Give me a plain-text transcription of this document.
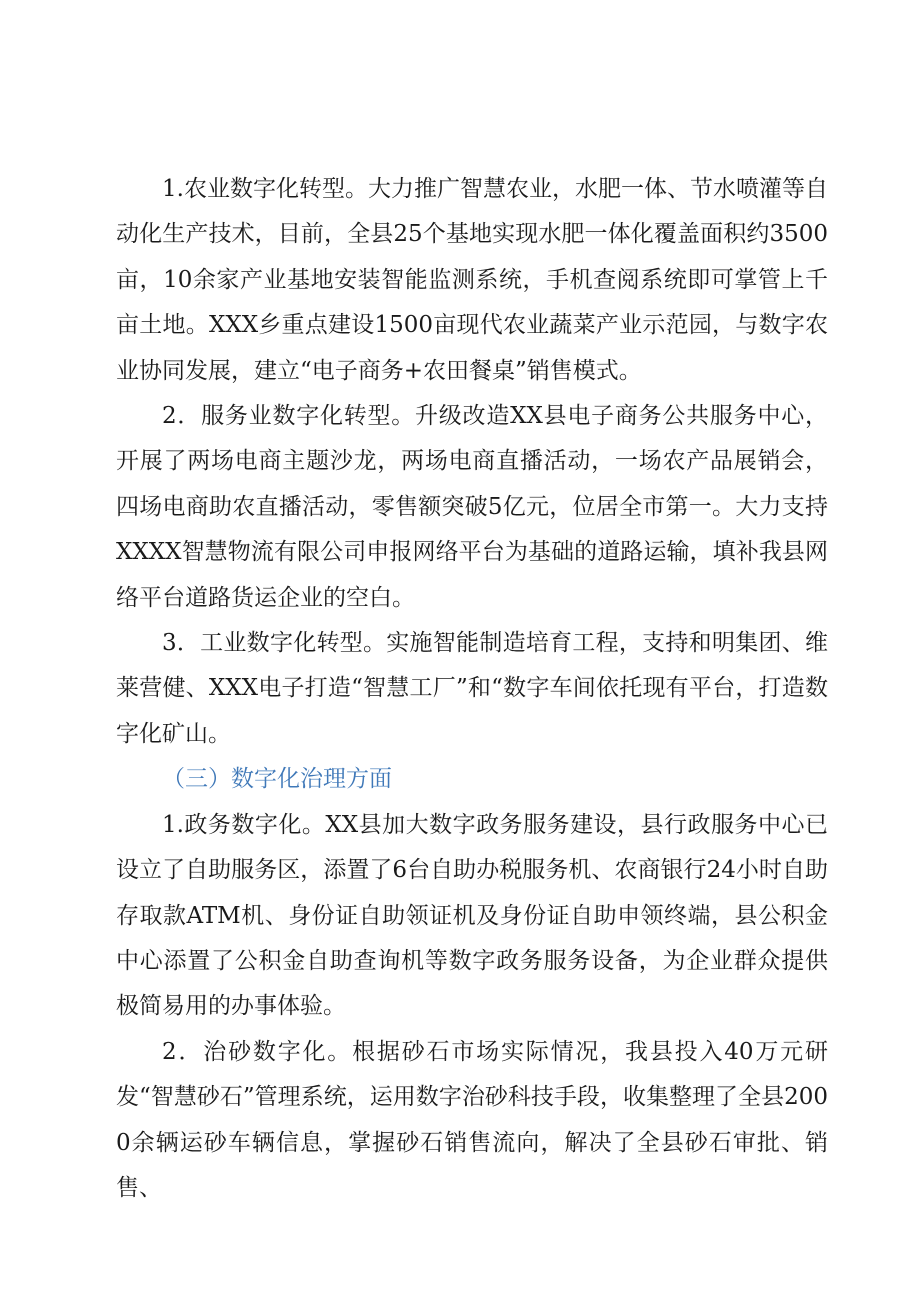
1.农业数字化转型。大力推广智慧农业，水肥一体、节水喷灌等自动化生产技术，目前，全县25个基地实现水肥一体化覆盖面积约3500亩，10余家产业基地安装智能监测系统，手机查阅系统即可掌管上千亩土地。XXX乡重点建设1500亩现代农业蔬菜产业示范园，与数字农业协同发展，建立“电子商务+农田餐桌”销售模式。

2．服务业数字化转型。升级改造XX县电子商务公共服务中心，开展了两场电商主题沙龙，两场电商直播活动，一场农产品展销会，四场电商助农直播活动，零售额突破5亿元，位居全市第一。大力支持XXXX智慧物流有限公司申报网络平台为基础的道路运输，填补我县网络平台道路货运企业的空白。

3．工业数字化转型。实施智能制造培育工程，支持和明集团、维莱营健、XXX电子打造“智慧工厂”和“数字车间依托现有平台，打造数字化矿山。

（三）数字化治理方面

1.政务数字化。XX县加大数字政务服务建设，县行政服务中心已设立了自助服务区，添置了6台自助办税服务机、农商银行24小时自助存取款ATM机、身份证自助领证机及身份证自助申领终端，县公积金中心添置了公积金自助查询机等数字政务服务设备，为企业群众提供极简易用的办事体验。

2．治砂数字化。根据砂石市场实际情况，我县投入40万元研发“智慧砂石”管理系统，运用数字治砂科技手段，收集整理了全县2000余辆运砂车辆信息，掌握砂石销售流向，解决了全县砂石审批、销售、
